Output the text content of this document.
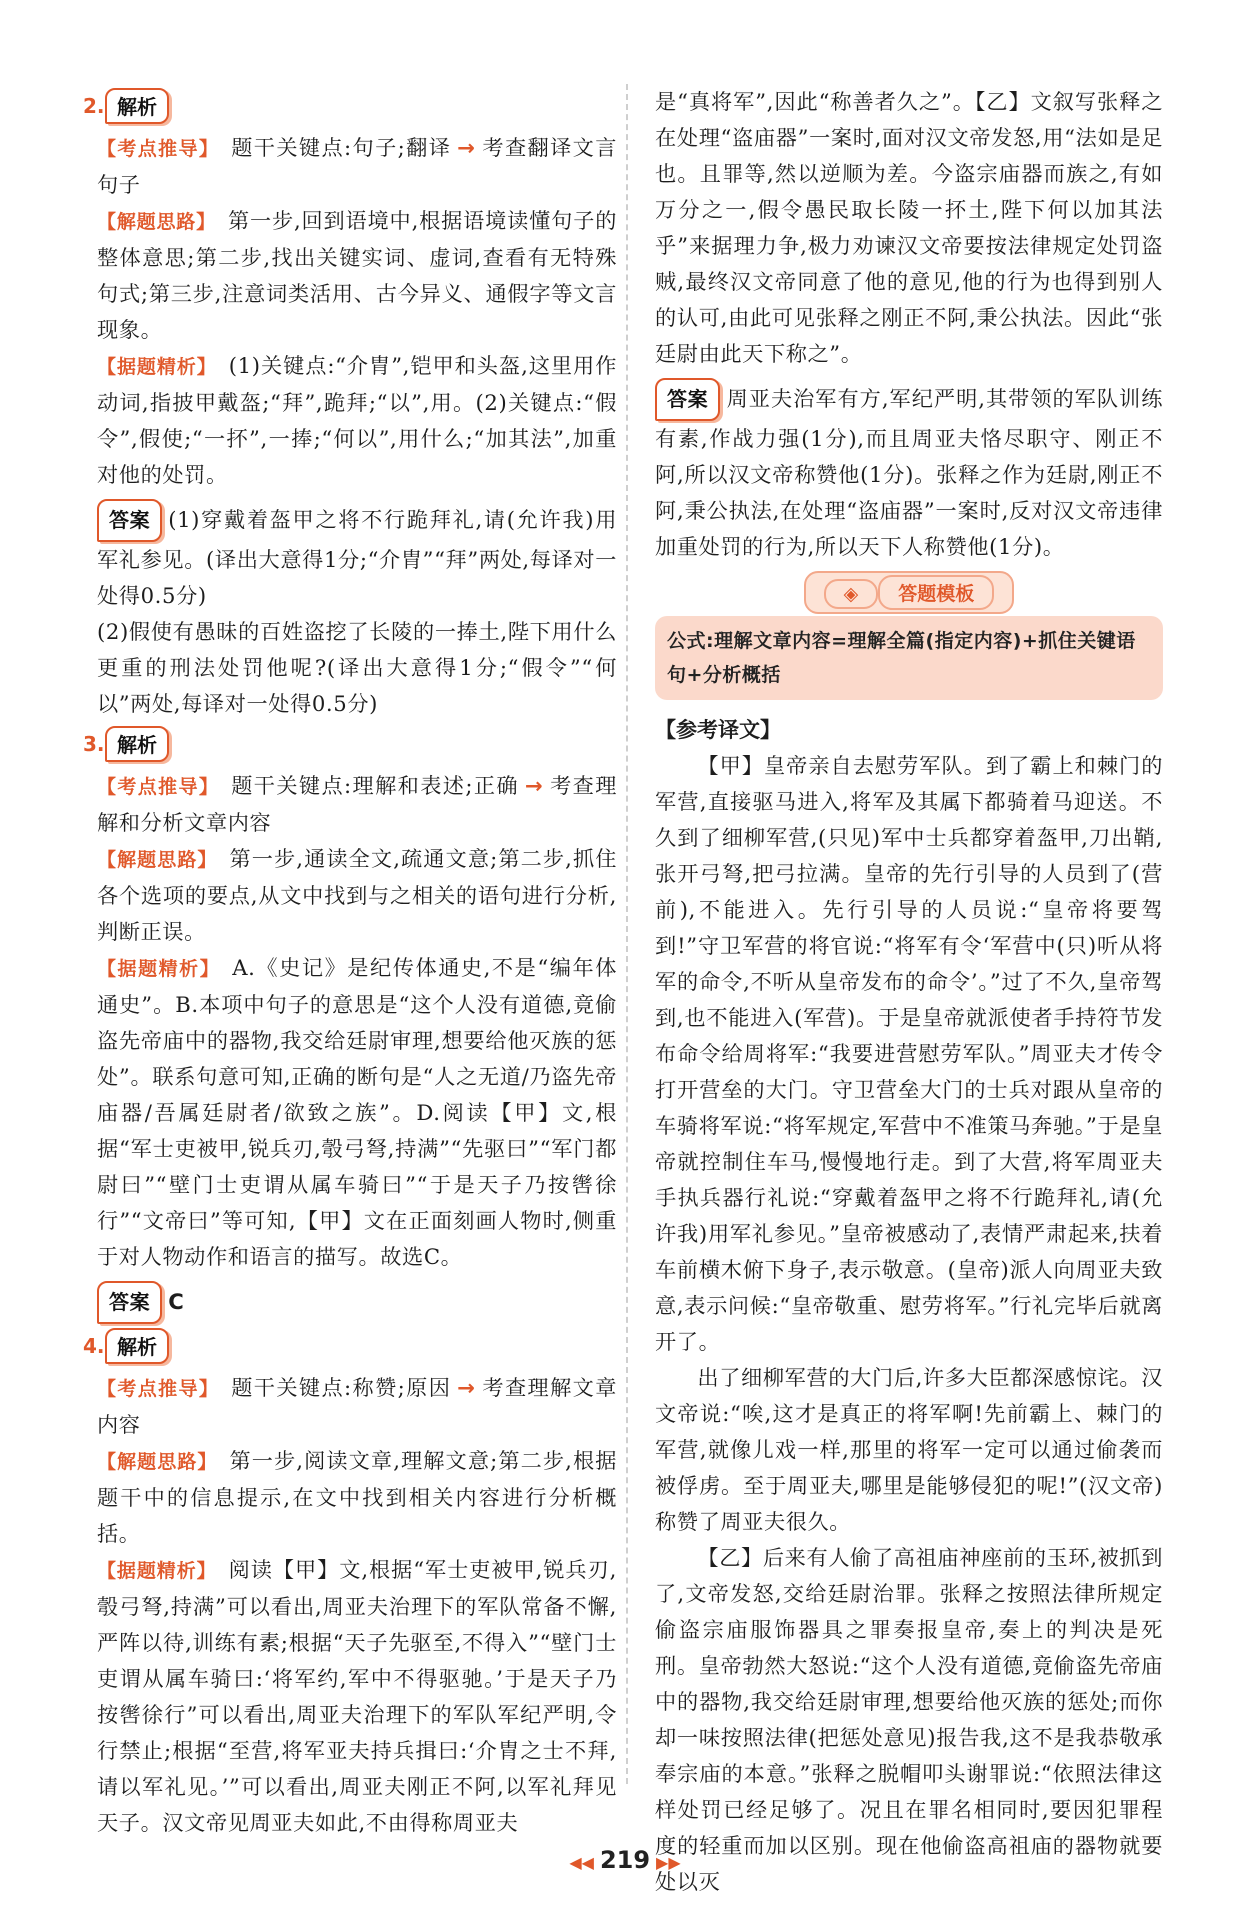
2. 解析

【考点推导】 题干关键点:句子;翻译 → 考查翻译文言句子

【解题思路】 第一步,回到语境中,根据语境读懂句子的整体意思;第二步,找出关键实词、虚词,查看有无特殊句式;第三步,注意词类活用、古今异义、通假字等文言现象。

【据题精析】 (1)关键点:“介胄”,铠甲和头盔,这里用作动词,指披甲戴盔;“拜”,跪拜;“以”,用。(2)关键点:“假令”,假使;“一抔”,一捧;“何以”,用什么;“加其法”,加重对他的处罚。

答案 (1)穿戴着盔甲之将不行跪拜礼,请(允许我)用军礼参见。(译出大意得1分;“介胄”“拜”两处,每译对一处得0.5分)

(2)假使有愚昧的百姓盗挖了长陵的一捧土,陛下用什么更重的刑法处罚他呢?(译出大意得1分;“假令”“何以”两处,每译对一处得0.5分)

3. 解析

【考点推导】 题干关键点:理解和表述;正确 → 考查理解和分析文章内容

【解题思路】 第一步,通读全文,疏通文意;第二步,抓住各个选项的要点,从文中找到与之相关的语句进行分析,判断正误。

【据题精析】 A.《史记》是纪传体通史,不是“编年体通史”。B.本项中句子的意思是“这个人没有道德,竟偷盗先帝庙中的器物,我交给廷尉审理,想要给他灭族的惩处”。联系句意可知,正确的断句是“人之无道/乃盗先帝庙器/吾属廷尉者/欲致之族”。D.阅读【甲】文,根据“军士吏被甲,锐兵刃,彀弓弩,持满”“先驱曰”“军门都尉曰”“壁门士吏谓从属车骑曰”“于是天子乃按辔徐行”“文帝曰”等可知,【甲】文在正面刻画人物时,侧重于对人物动作和语言的描写。故选C。

答案 C

4. 解析

【考点推导】 题干关键点:称赞;原因 → 考查理解文章内容

【解题思路】 第一步,阅读文章,理解文意;第二步,根据题干中的信息提示,在文中找到相关内容进行分析概括。

【据题精析】 阅读【甲】文,根据“军士吏被甲,锐兵刃,彀弓弩,持满”可以看出,周亚夫治理下的军队常备不懈,严阵以待,训练有素;根据“天子先驱至,不得入”“壁门士吏谓从属车骑曰:‘将军约,军中不得驱驰。’于是天子乃按辔徐行”可以看出,周亚夫治理下的军队军纪严明,令行禁止;根据“至营,将军亚夫持兵揖曰:‘介胄之士不拜,请以军礼见。’”可以看出,周亚夫刚正不阿,以军礼拜见天子。汉文帝见周亚夫如此,不由得称周亚夫

是“真将军”,因此“称善者久之”。【乙】文叙写张释之在处理“盗庙器”一案时,面对汉文帝发怒,用“法如是足也。且罪等,然以逆顺为差。今盗宗庙器而族之,有如万分之一,假令愚民取长陵一抔土,陛下何以加其法乎”来据理力争,极力劝谏汉文帝要按法律规定处罚盗贼,最终汉文帝同意了他的意见,他的行为也得到别人的认可,由此可见张释之刚正不阿,秉公执法。因此“张廷尉由此天下称之”。

答案 周亚夫治军有方,军纪严明,其带领的军队训练有素,作战力强(1分),而且周亚夫恪尽职守、刚正不阿,所以汉文帝称赞他(1分)。张释之作为廷尉,刚正不阿,秉公执法,在处理“盗庙器”一案时,反对汉文帝违律加重处罚的行为,所以天下人称赞他(1分)。

◈答题模板

公式:理解文章内容=理解全篇(指定内容)+抓住关键语句+分析概括

【参考译文】

【甲】皇帝亲自去慰劳军队。到了霸上和棘门的军营,直接驱马进入,将军及其属下都骑着马迎送。不久到了细柳军营,(只见)军中士兵都穿着盔甲,刀出鞘,张开弓弩,把弓拉满。皇帝的先行引导的人员到了(营前),不能进入。先行引导的人员说:“皇帝将要驾到!”守卫军营的将官说:“将军有令‘军营中(只)听从将军的命令,不听从皇帝发布的命令’。”过了不久,皇帝驾到,也不能进入(军营)。于是皇帝就派使者手持符节发布命令给周将军:“我要进营慰劳军队。”周亚夫才传令打开营垒的大门。守卫营垒大门的士兵对跟从皇帝的车骑将军说:“将军规定,军营中不准策马奔驰。”于是皇帝就控制住车马,慢慢地行走。到了大营,将军周亚夫手执兵器行礼说:“穿戴着盔甲之将不行跪拜礼,请(允许我)用军礼参见。”皇帝被感动了,表情严肃起来,扶着车前横木俯下身子,表示敬意。(皇帝)派人向周亚夫致意,表示问候:“皇帝敬重、慰劳将军。”行礼完毕后就离开了。

出了细柳军营的大门后,许多大臣都深感惊诧。汉文帝说:“唉,这才是真正的将军啊!先前霸上、棘门的军营,就像儿戏一样,那里的将军一定可以通过偷袭而被俘虏。至于周亚夫,哪里是能够侵犯的呢!”(汉文帝)称赞了周亚夫很久。

【乙】后来有人偷了高祖庙神座前的玉环,被抓到了,文帝发怒,交给廷尉治罪。张释之按照法律所规定偷盗宗庙服饰器具之罪奏报皇帝,奏上的判决是死刑。皇帝勃然大怒说:“这个人没有道德,竟偷盗先帝庙中的器物,我交给廷尉审理,想要给他灭族的惩处;而你却一味按照法律(把惩处意见)报告我,这不是我恭敬承奉宗庙的本意。”张释之脱帽叩头谢罪说:“依照法律这样处罚已经足够了。况且在罪名相同时,要因犯罪程度的轻重而加以区别。现在他偷盗高祖庙的器物就要处以灭

◀◀ 219 ▶▶
